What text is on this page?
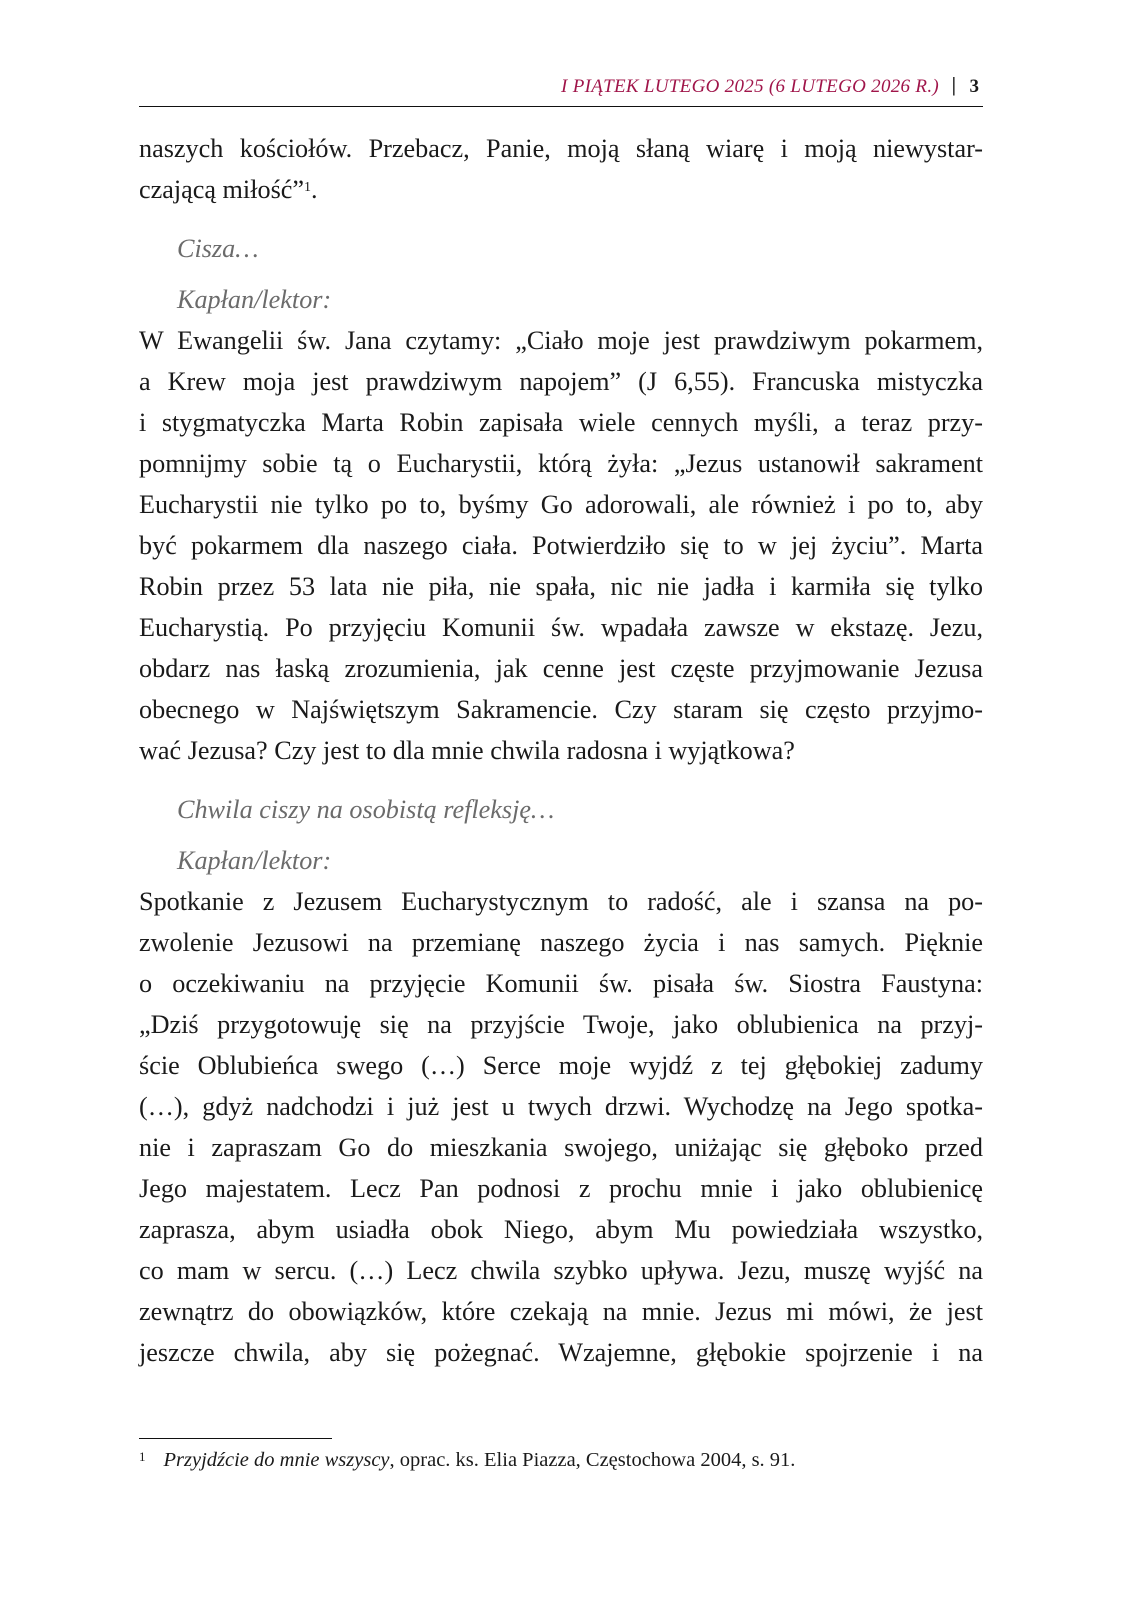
I PIĄTEK LUTEGO 2025 (6 LUTEGO 2026 R.) | 3
naszych kościołów. Przebacz, Panie, moją słaną wiarę i moją niewystar-
czającą miłość”$^1$.
Cisza…
Kapłan/lektor:
W Ewangelii św. Jana czytamy: „Ciało moje jest prawdziwym pokarmem,
a Krew moja jest prawdziwym napojem” (J 6,55). Francuska mistyczka
i stygmatyczka Marta Robin zapisała wiele cennych myśli, a teraz przy-
pomnijmy sobie tą o Eucharystii, którą żyła: „Jezus ustanowił sakrament
Eucharystii nie tylko po to, byśmy Go adorowali, ale również i po to, aby
być pokarmem dla naszego ciała. Potwierdziło się to w jej życiu”. Marta
Robin przez 53 lata nie piła, nie spała, nic nie jadła i karmiła się tylko
Eucharystią. Po przyjęciu Komunii św. wpadała zawsze w ekstazę. Jezu,
obdarz nas łaską zrozumienia, jak cenne jest częste przyjmowanie Jezusa
obecnego w Najświętszym Sakramencie. Czy staram się często przyjmo-
wać Jezusa? Czy jest to dla mnie chwila radosna i wyjątkowa?
Chwila ciszy na osobistą refleksję…
Kapłan/lektor:
Spotkanie z Jezusem Eucharystycznym to radość, ale i szansa na po-
zwolenie Jezusowi na przemianę naszego życia i nas samych. Pięknie
o oczekiwaniu na przyjęcie Komunii św. pisała św. Siostra Faustyna:
„Dziś przygotowuję się na przyjście Twoje, jako oblubienica na przyj-
ście Oblubieńca swego (…) Serce moje wyjdź z tej głębokiej zadumy
(…), gdyż nadchodzi i już jest u twych drzwi. Wychodzę na Jego spotka-
nie i zapraszam Go do mieszkania swojego, uniżając się głęboko przed
Jego majestatem. Lecz Pan podnosi z prochu mnie i jako oblubienicę
zaprasza, abym usiadła obok Niego, abym Mu powiedziała wszystko,
co mam w sercu. (…) Lecz chwila szybko upływa. Jezu, muszę wyjść na
zewnątrz do obowiązków, które czekają na mnie. Jezus mi mówi, że jest
jeszcze chwila, aby się pożegnać. Wzajemne, głębokie spojrzenie i na
$^1$ Przyjdźcie do mnie wszyscy, oprac. ks. Elia Piazza, Częstochowa 2004, s. 91.
